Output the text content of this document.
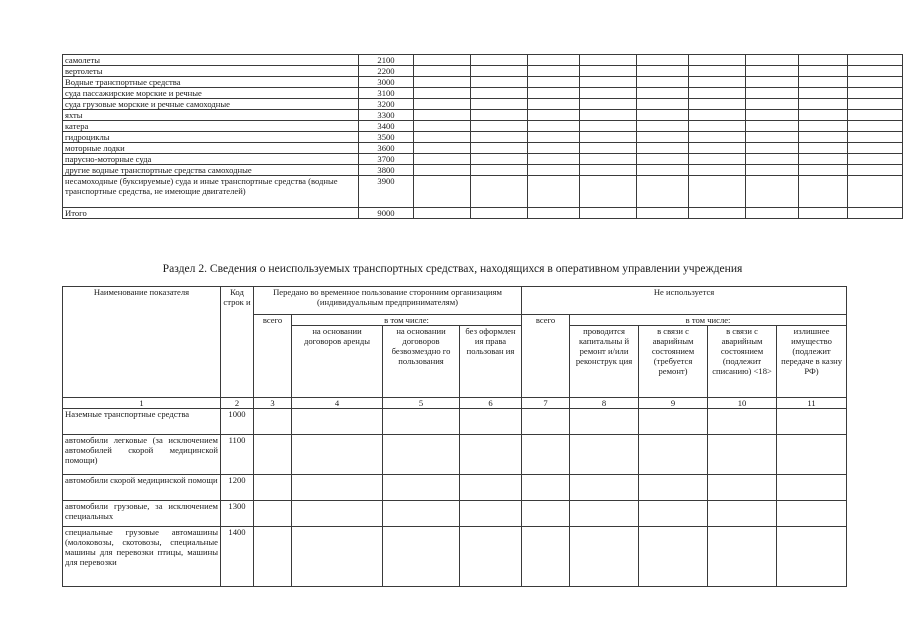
самолеты	2100									
вертолеты	2200									
Водные транспортные средства	3000									
суда пассажирские морские и речные	3100									
суда грузовые морские и речные самоходные	3200									
яхты	3300									
катера	3400									
гидроциклы	3500									
моторные лодки	3600									
парусно-моторные суда	3700									
другие водные транспортные средства самоходные	3800									
несамоходные (буксируемые) суда и иные транспортные средства (водные транспортные средства, не имеющие двигателей)	3900									
Итого	9000									
Раздел 2. Сведения о неиспользуемых транспортных средствах, находящихся в оперативном управлении учреждения
Наименование показателя	Код строк и	Передано во временное пользование сторонним организациям (индивидуальным предпринимателям)				Не используется				
		всего	в том числе:			всего	в том числе:			
			на основании договоров аренды	на основании договоров безвозмездно го пользования	без оформлен ия права пользован ия		проводится капитальны й ремонт и/или реконструк ция	в связи с аварийным состоянием (требуется ремонт)	в связи с аварийным состоянием (подлежит списанию) <18>	излишнее имущество (подлежит передаче в казну РФ)
1	2	3	4	5	6	7	8	9	10	11
Наземные транспортные средства	1000									
автомобили легковые (за исключением автомобилей скорой медицинской помощи)	1100									
автомобили скорой медицинской помощи	1200									
автомобили грузовые, за исключением специальных	1300									
специальные грузовые автомашины (молоковозы, скотовозы, специальные машины для перевозки птицы, машины для перевозки	1400									
